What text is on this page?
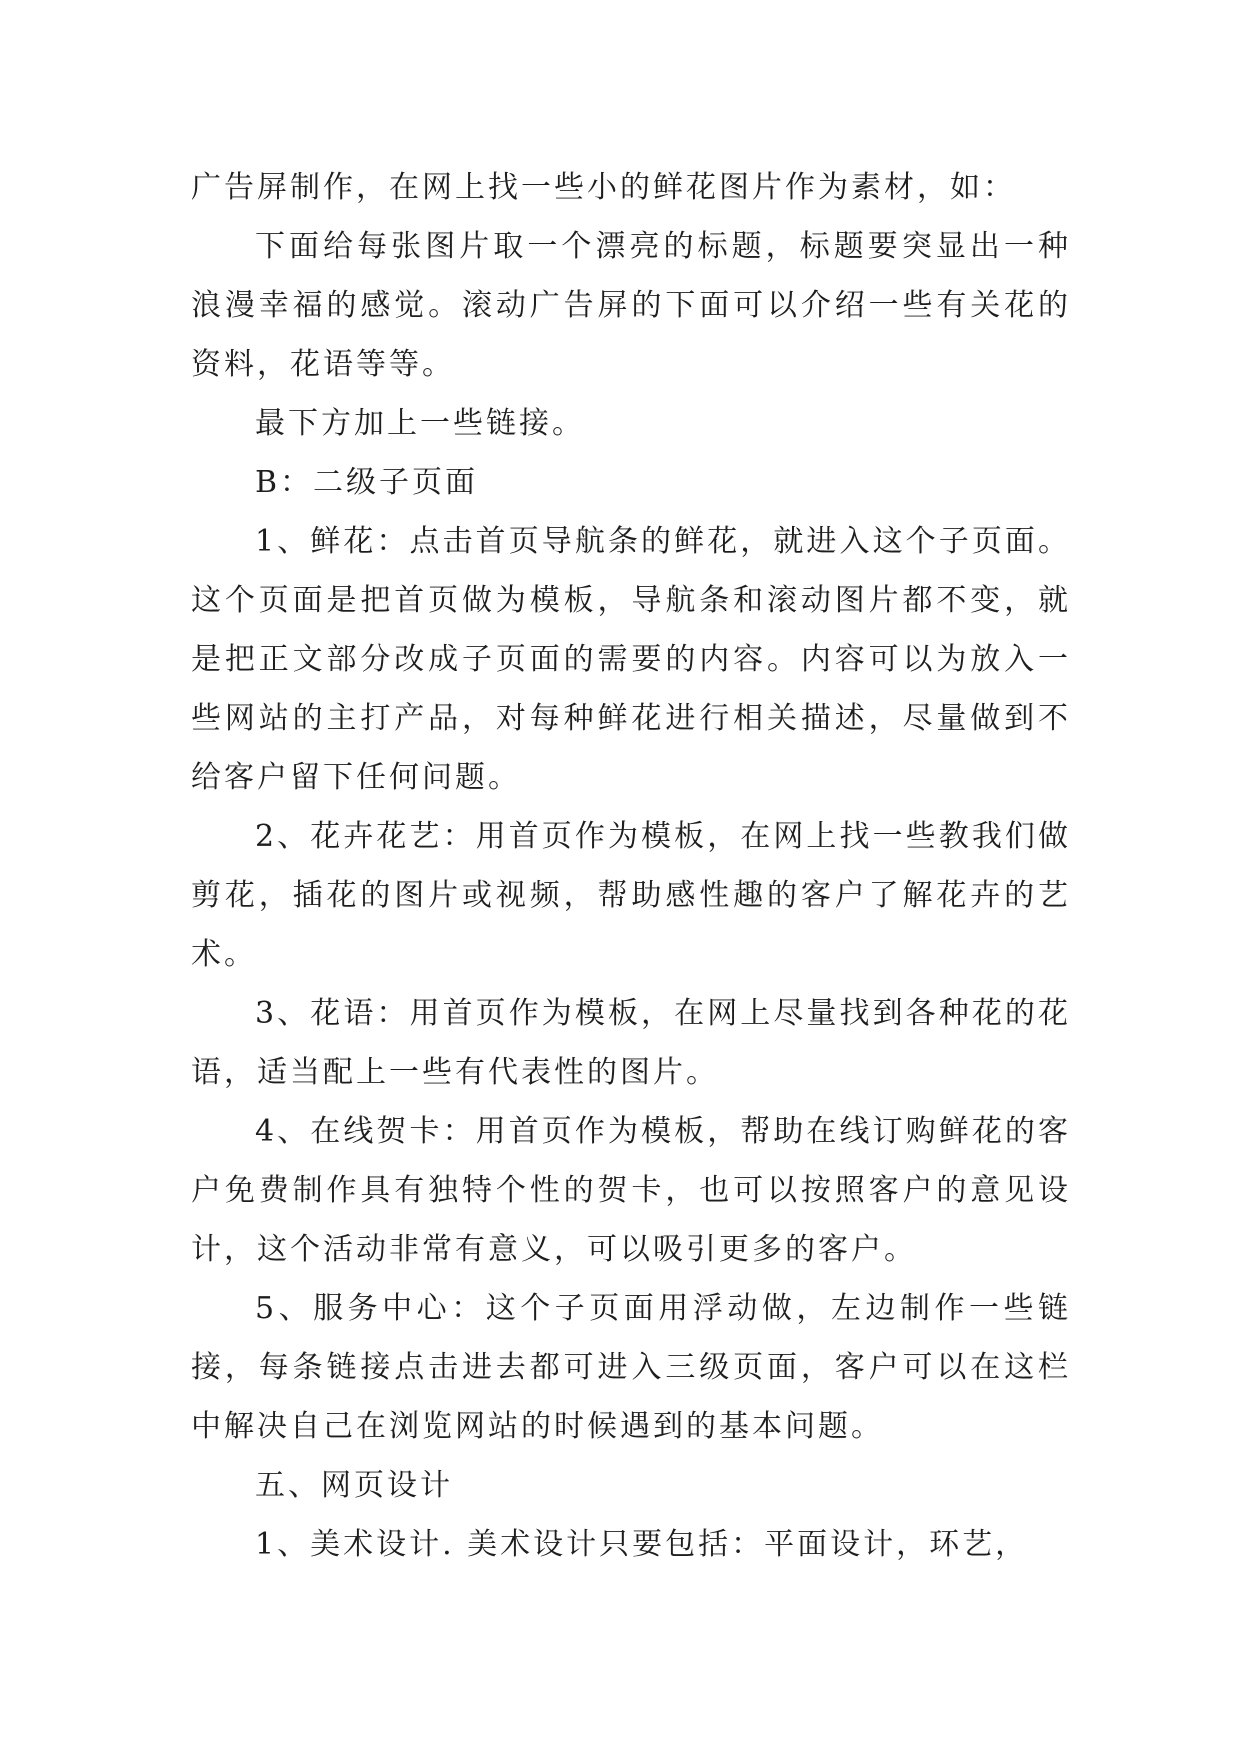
广告屏制作，在网上找一些小的鲜花图片作为素材，如：

下面给每张图片取一个漂亮的标题，标题要突显出一种浪漫幸福的感觉。滚动广告屏的下面可以介绍一些有关花的资料，花语等等。

最下方加上一些链接。

B：二级子页面

1、鲜花：点击首页导航条的鲜花，就进入这个子页面。这个页面是把首页做为模板，导航条和滚动图片都不变，就是把正文部分改成子页面的需要的内容。内容可以为放入一些网站的主打产品，对每种鲜花进行相关描述，尽量做到不给客户留下任何问题。

2、花卉花艺：用首页作为模板，在网上找一些教我们做剪花，插花的图片或视频，帮助感性趣的客户了解花卉的艺术。

3、花语：用首页作为模板，在网上尽量找到各种花的花语，适当配上一些有代表性的图片。

4、在线贺卡：用首页作为模板，帮助在线订购鲜花的客户免费制作具有独特个性的贺卡，也可以按照客户的意见设计，这个活动非常有意义，可以吸引更多的客户。

5、服务中心：这个子页面用浮动做，左边制作一些链接，每条链接点击进去都可进入三级页面，客户可以在这栏中解决自己在浏览网站的时候遇到的基本问题。

五、网页设计

1、美术设计. 美术设计只要包括：平面设计，环艺，
